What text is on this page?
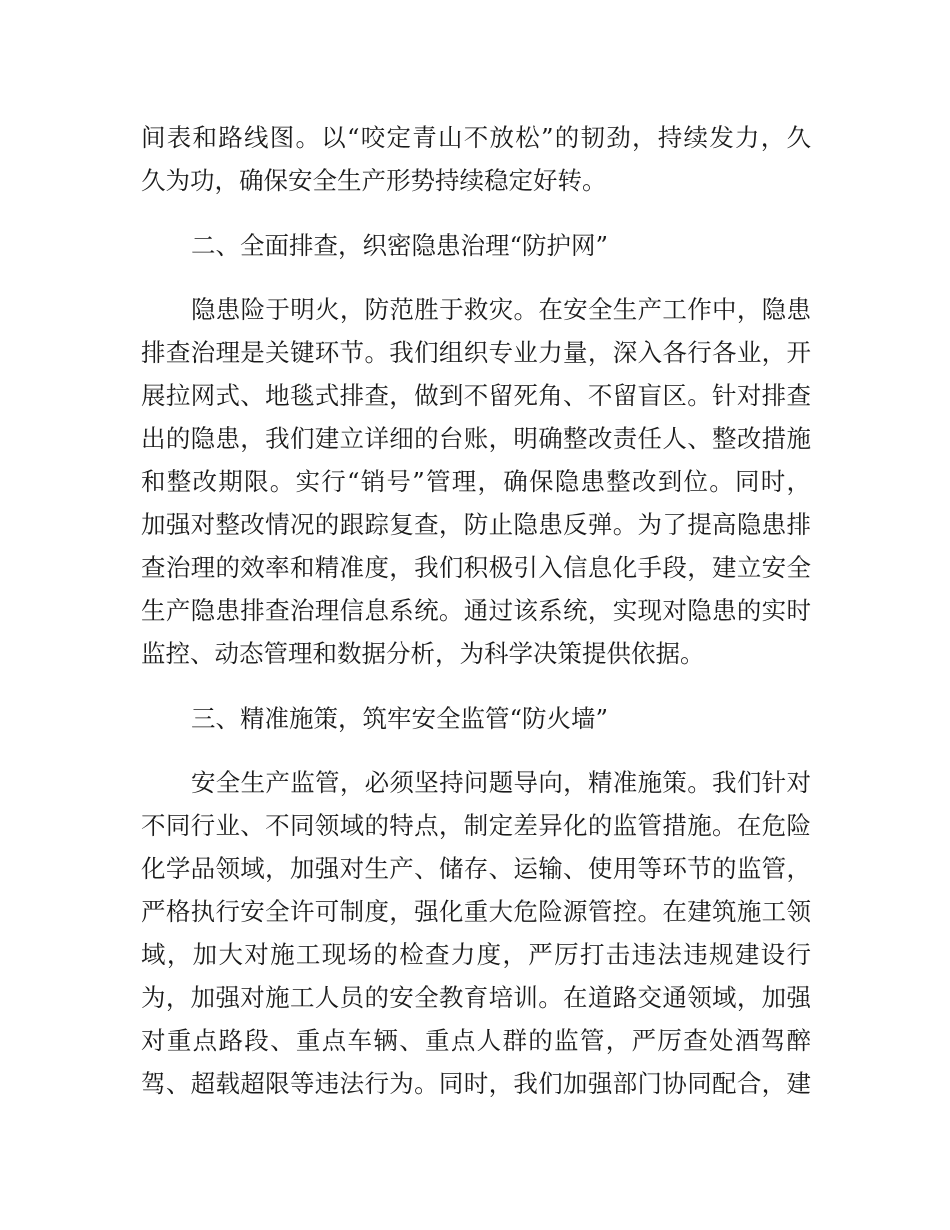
间表和路线图。以“咬定青山不放松”的韧劲，持续发力，久
久为功，确保安全生产形势持续稳定好转。
二、全面排查，织密隐患治理“防护网”
隐患险于明火，防范胜于救灾。在安全生产工作中，隐患
排查治理是关键环节。我们组织专业力量，深入各行各业，开
展拉网式、地毯式排查，做到不留死角、不留盲区。针对排查
出的隐患，我们建立详细的台账，明确整改责任人、整改措施
和整改期限。实行“销号”管理，确保隐患整改到位。同时，
加强对整改情况的跟踪复查，防止隐患反弹。为了提高隐患排
查治理的效率和精准度，我们积极引入信息化手段，建立安全
生产隐患排查治理信息系统。通过该系统，实现对隐患的实时
监控、动态管理和数据分析，为科学决策提供依据。
三、精准施策，筑牢安全监管“防火墙”
安全生产监管，必须坚持问题导向，精准施策。我们针对
不同行业、不同领域的特点，制定差异化的监管措施。在危险
化学品领域，加强对生产、储存、运输、使用等环节的监管，
严格执行安全许可制度，强化重大危险源管控。在建筑施工领
域，加大对施工现场的检查力度，严厉打击违法违规建设行
为，加强对施工人员的安全教育培训。在道路交通领域，加强
对重点路段、重点车辆、重点人群的监管，严厉查处酒驾醉
驾、超载超限等违法行为。同时，我们加强部门协同配合，建
